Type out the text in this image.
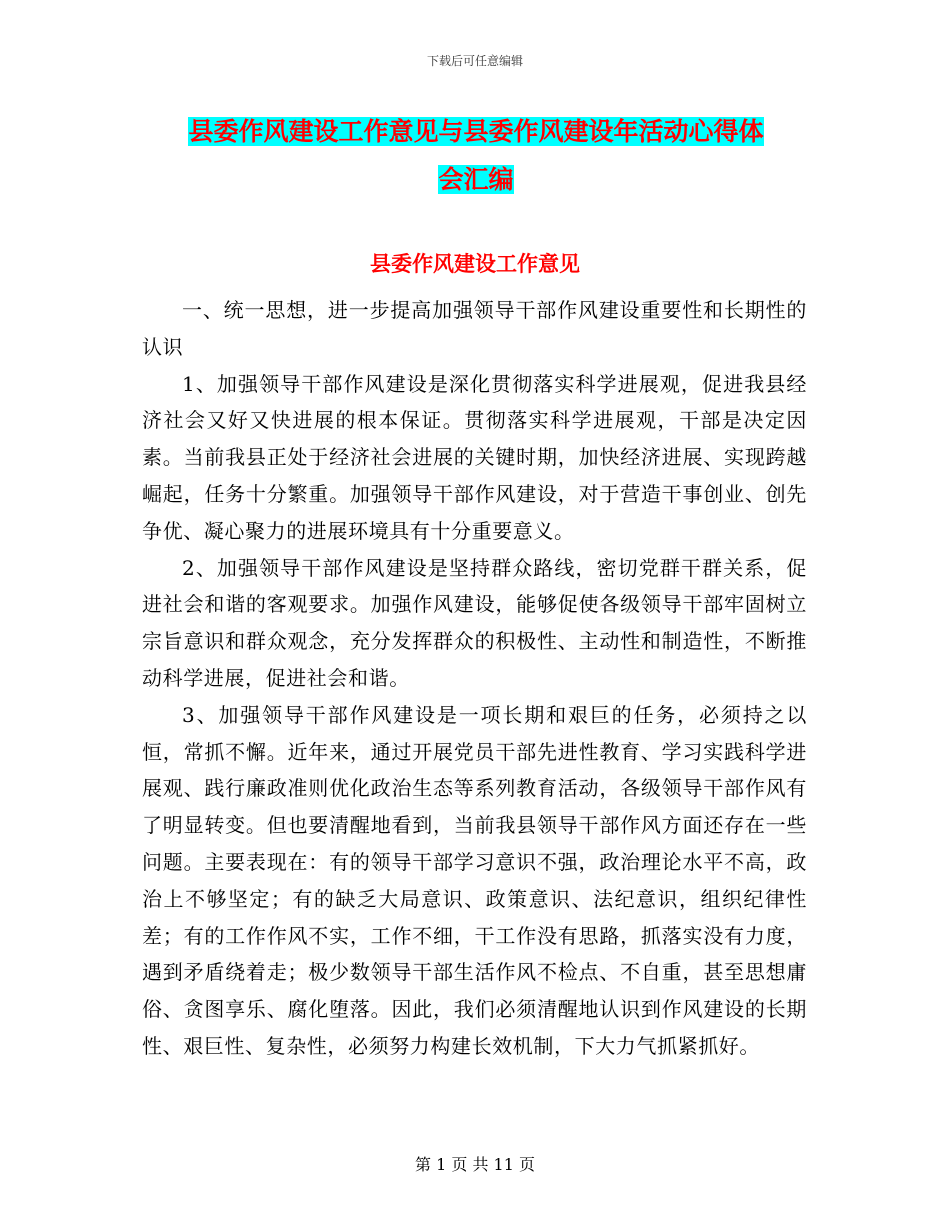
下载后可任意编辑
县委作风建设工作意见与县委作风建设年活动心得体
会汇编
县委作风建设工作意见

一、统一思想，进一步提高加强领导干部作风建设重要性和长期性的认识

1、加强领导干部作风建设是深化贯彻落实科学进展观，促进我县经济社会又好又快进展的根本保证。贯彻落实科学进展观，干部是决定因素。当前我县正处于经济社会进展的关键时期，加快经济进展、实现跨越崛起，任务十分繁重。加强领导干部作风建设，对于营造干事创业、创先争优、凝心聚力的进展环境具有十分重要意义。

2、加强领导干部作风建设是坚持群众路线，密切党群干群关系，促进社会和谐的客观要求。加强作风建设，能够促使各级领导干部牢固树立宗旨意识和群众观念，充分发挥群众的积极性、主动性和制造性，不断推动科学进展，促进社会和谐。

3、加强领导干部作风建设是一项长期和艰巨的任务，必须持之以恒，常抓不懈。近年来，通过开展党员干部先进性教育、学习实践科学进展观、践行廉政准则优化政治生态等系列教育活动，各级领导干部作风有了明显转变。但也要清醒地看到，当前我县领导干部作风方面还存在一些问题。主要表现在：有的领导干部学习意识不强，政治理论水平不高，政治上不够坚定；有的缺乏大局意识、政策意识、法纪意识，组织纪律性差；有的工作作风不实，工作不细，干工作没有思路，抓落实没有力度，遇到矛盾绕着走；极少数领导干部生活作风不检点、不自重，甚至思想庸俗、贪图享乐、腐化堕落。因此，我们必须清醒地认识到作风建设的长期性、艰巨性、复杂性，必须努力构建长效机制，下大力气抓紧抓好。

第 1 页 共 11 页
